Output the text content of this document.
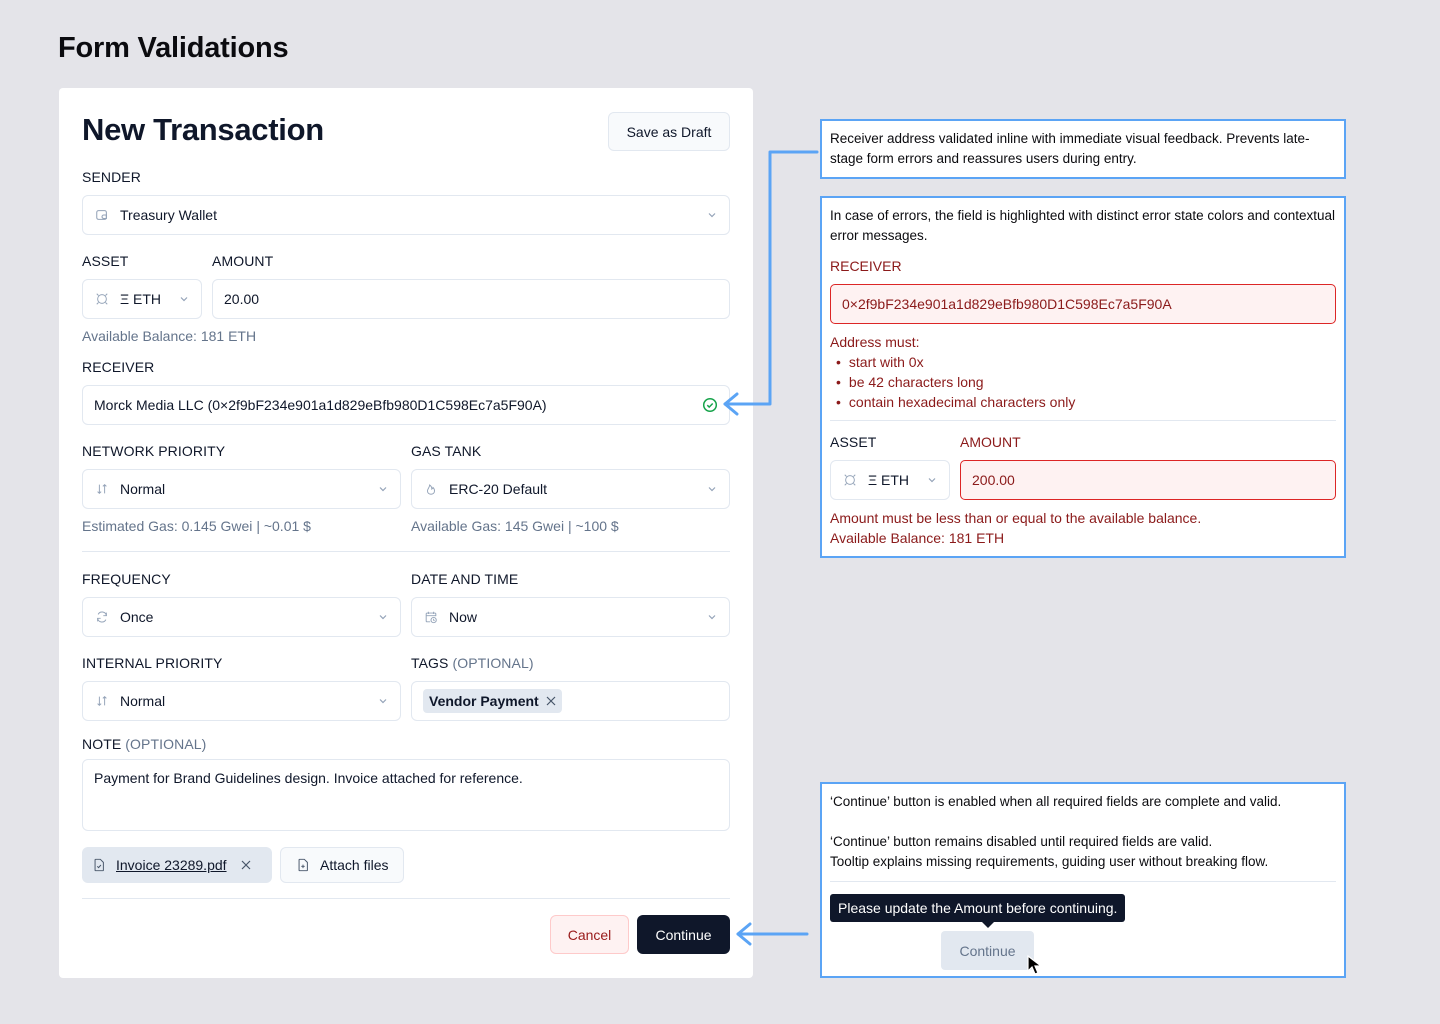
Form Validations
New Transaction	Save as Draft
SENDER
Treasury Wallet
ASSET	AMOUNT
Ξ ETH	20.00
Available Balance: 181 ETH
RECEIVER
Morck Media LLC (0×2f9bF234e901a1d829eBfb980D1C598Ec7a5F90A)
NETWORK PRIORITY	GAS TANK
Normal	ERC-20 Default
Estimated Gas: 0.145 Gwei | ~0.01 $	Available Gas: 145 Gwei | ~100 $
FREQUENCY	DATE AND TIME
Once	Now
INTERNAL PRIORITY	TAGS (OPTIONAL)
Normal	Vendor Payment
NOTE (OPTIONAL)
Payment for Brand Guidelines design. Invoice attached for reference.
Invoice 23289.pdf	Attach files
Cancel	Continue
Receiver address validated inline with immediate visual feedback. Prevents late-stage form errors and reassures users during entry.
In case of errors, the field is highlighted with distinct error state colors and contextual error messages.
RECEIVER
0×2f9bF234e901a1d829eBfb980D1C598Ec7a5F90A
Address must:
• start with 0x
• be 42 characters long
• contain hexadecimal characters only
ASSET	AMOUNT
Ξ ETH	200.00
Amount must be less than or equal to the available balance.
Available Balance: 181 ETH
‘Continue’ button is enabled when all required fields are complete and valid.
‘Continue’ button remains disabled until required fields are valid.
Tooltip explains missing requirements, guiding user without breaking flow.
Please update the Amount before continuing.
Continue
